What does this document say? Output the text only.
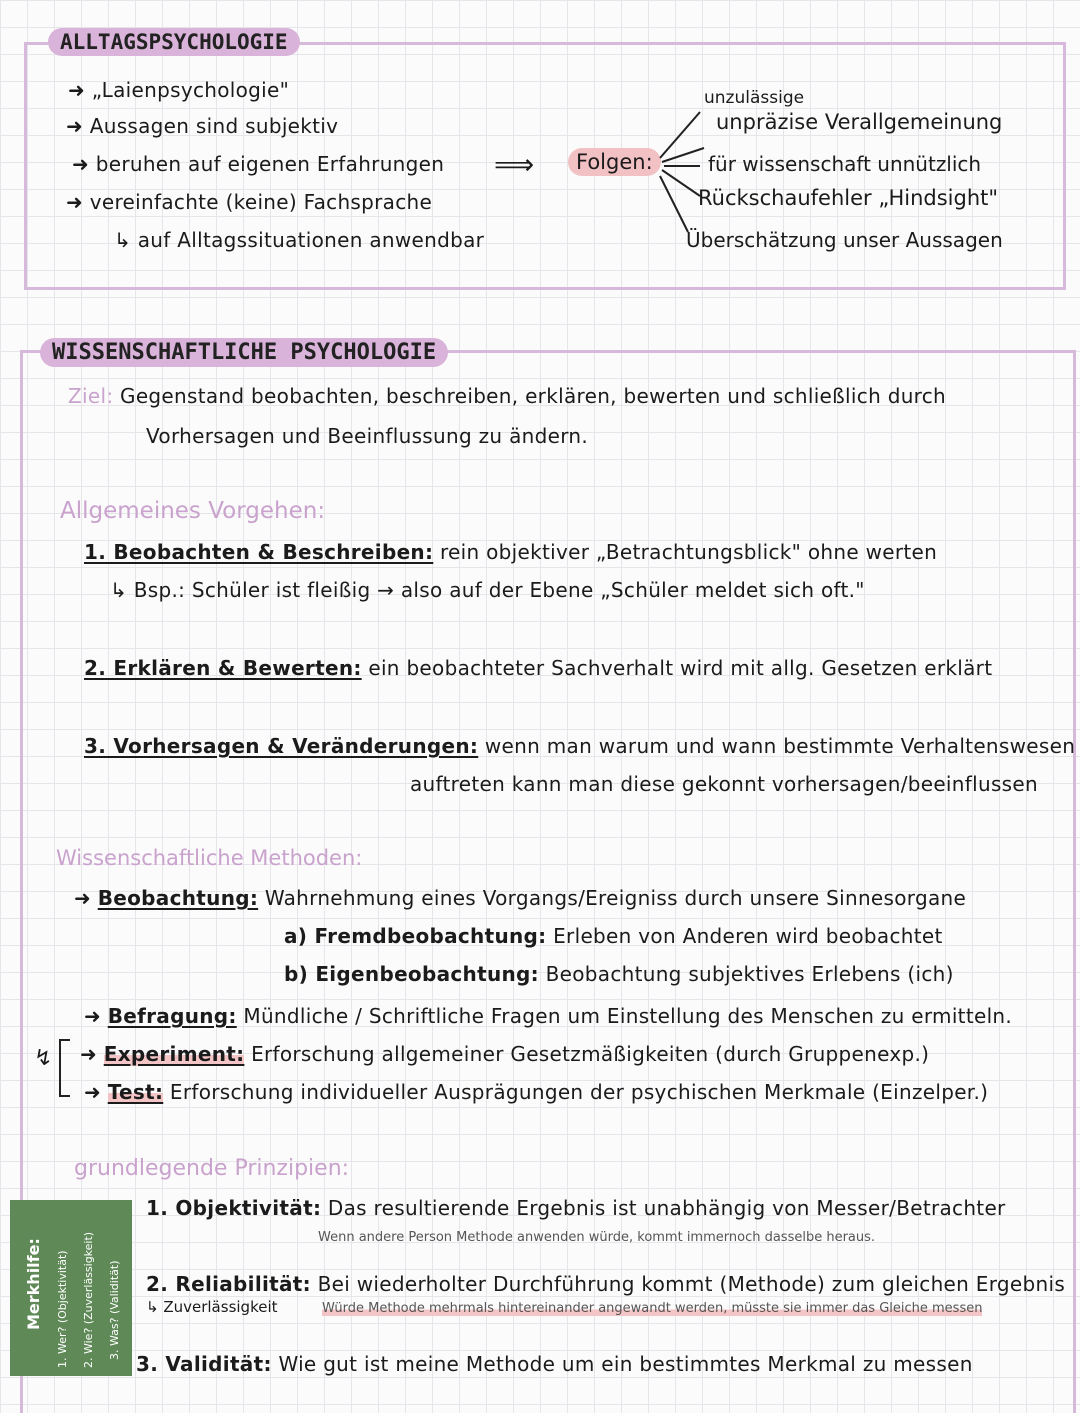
ALLTAGSPSYCHOLOGIE
➜ „Laienpsychologie"
➜ Aussagen sind subjektiv
➜ beruhen auf eigenen Erfahrungen
➜ vereinfachte (keine) Fachsprache
↳ auf Alltagssituationen anwendbar
⟹	Folgen:
unzulässige
unpräzise Verallgemeinung
für wissenschaft unnützlich
Rückschaufehler „Hindsight"
Überschätzung unser Aussagen
WISSENSCHAFTLICHE PSYCHOLOGIE
Ziel: Gegenstand beobachten, beschreiben, erklären, bewerten und schließlich durch
Vorhersagen und Beeinflussung zu ändern.
Allgemeines Vorgehen:
1. Beobachten & Beschreiben: rein objektiver „Betrachtungsblick" ohne werten
↳ Bsp.: Schüler ist fleißig → also auf der Ebene „Schüler meldet sich oft."
2. Erklären & Bewerten: ein beobachteter Sachverhalt wird mit allg. Gesetzen erklärt
3. Vorhersagen & Veränderungen: wenn man warum und wann bestimmte Verhaltenswesen
auftreten kann man diese gekonnt vorhersagen/beeinflussen
Wissenschaftliche Methoden:
➜ Beobachtung: Wahrnehmung eines Vorgangs/Ereigniss durch unsere Sinnesorgane
a) Fremdbeobachtung: Erleben von Anderen wird beobachtet
b) Eigenbeobachtung: Beobachtung subjektives Erlebens (ich)
➜ Befragung: Mündliche / Schriftliche Fragen um Einstellung des Menschen zu ermitteln.
↯ ➜ Experiment: Erforschung allgemeiner Gesetzmäßigkeiten (durch Gruppenexp.)
➜ Test: Erforschung individueller Ausprägungen der psychischen Merkmale (Einzelper.)
grundlegende Prinzipien:
1. Objektivität: Das resultierende Ergebnis ist unabhängig von Messer/Betrachter
Wenn andere Person Methode anwenden würde, kommt immernoch dasselbe heraus.
2. Reliabilität: Bei wiederholter Durchführung kommt (Methode) zum gleichen Ergebnis
↳ Zuverlässigkeit	Würde Methode mehrmals hintereinander angewandt werden, müsste sie immer das Gleiche messen
3. Validität: Wie gut ist meine Methode um ein bestimmtes Merkmal zu messen
Merkhilfe: 1. Wer? (Objektivität) 2. Wie? (Zuverlässigkeit) 3. Was? (Validität)
